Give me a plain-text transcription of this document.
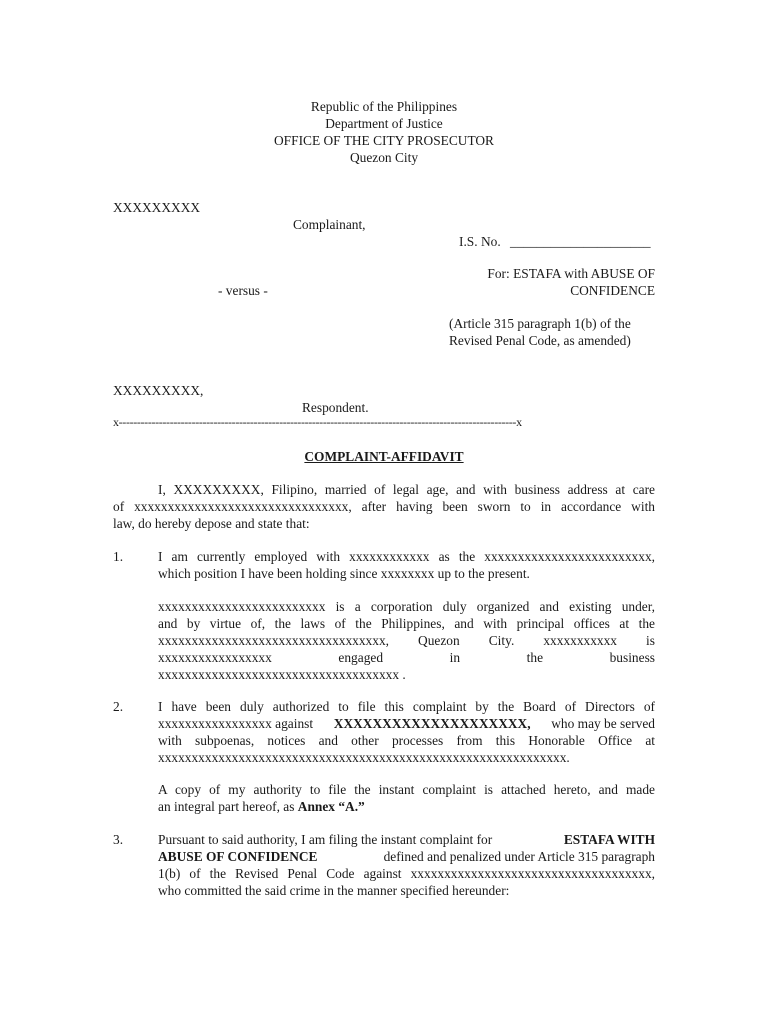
Republic of the Philippines
Department of Justice
OFFICE OF THE CITY PROSECUTOR
Quezon City
XXXXXXXXX
Complainant,
I.S. No. _____________________
For: ESTAFA with ABUSE OF
- versus -	CONFIDENCE
(Article 315 paragraph 1(b) of the
Revised Penal Code, as amended)
XXXXXXXXX,
Respondent.
x-------------------------------------------------------------------------------------------------------------x
COMPLAINT-AFFIDAVIT
I, XXXXXXXXX, Filipino, married of legal age, and with business address at care
of xxxxxxxxxxxxxxxxxxxxxxxxxxxxxxxx, after having been sworn to in accordance with
law, do hereby depose and state that:
1.	I am currently employed with xxxxxxxxxxxx as the xxxxxxxxxxxxxxxxxxxxxxxxx,
which position I have been holding since xxxxxxxx up to the present.
xxxxxxxxxxxxxxxxxxxxxxxxx is a corporation duly organized and existing under,
and by virtue of, the laws of the Philippines, and with principal offices at the
xxxxxxxxxxxxxxxxxxxxxxxxxxxxxxxxxx, Quezon City. xxxxxxxxxxx is
xxxxxxxxxxxxxxxxx engaged in the business
xxxxxxxxxxxxxxxxxxxxxxxxxxxxxxxxxxxx .
2.	I have been duly authorized to file this complaint by the Board of Directors of
xxxxxxxxxxxxxxxxx against XXXXXXXXXXXXXXXXXXXX, who may be served
with subpoenas, notices and other processes from this Honorable Office at
xxxxxxxxxxxxxxxxxxxxxxxxxxxxxxxxxxxxxxxxxxxxxxxxxxxxxxxxxxxxx.
A copy of my authority to file the instant complaint is attached hereto, and made
an integral part hereof, as Annex “A.”
3.	Pursuant to said authority, I am filing the instant complaint for	ESTAFA WITH
ABUSE OF CONFIDENCE	defined and penalized under Article 315 paragraph
1(b) of the Revised Penal Code against xxxxxxxxxxxxxxxxxxxxxxxxxxxxxxxxxxxx,
who committed the said crime in the manner specified hereunder:
